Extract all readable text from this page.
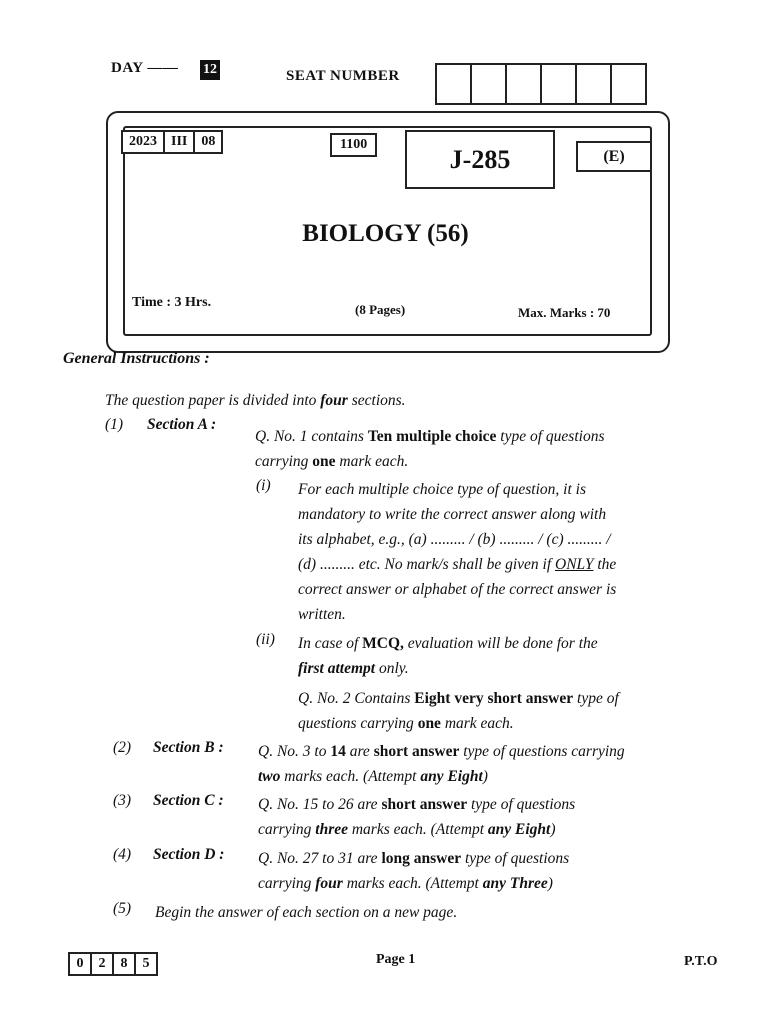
DAY —— 12	SEAT NUMBER
2023	III	08	1100
J-285	(E)
BIOLOGY (56)
Time : 3 Hrs.	(8 Pages)	Max. Marks : 70
General Instructions :
The question paper is divided into four sections.
(1) Section A :
Q. No. 1 contains Ten multiple choice type of questions
carrying one mark each.
(i) For each multiple choice type of question, it is
mandatory to write the correct answer along with
its alphabet, e.g., (a) ......... / (b) ......... / (c) ......... /
(d) ......... etc. No mark/s shall be given if ONLY the
correct answer or alphabet of the correct answer is
written.
(ii) In case of MCQ, evaluation will be done for the
first attempt only.
Q. No. 2 Contains Eight very short answer type of
questions carrying one mark each.
(2) Section B : Q. No. 3 to 14 are short answer type of questions carrying
two marks each. (Attempt any Eight)
(3) Section C : Q. No. 15 to 26 are short answer type of questions
carrying three marks each. (Attempt any Eight)
(4) Section D : Q. No. 27 to 31 are long answer type of questions
carrying four marks each. (Attempt any Three)
(5) Begin the answer of each section on a new page.
0	2	8	5	Page 1	P.T.O
